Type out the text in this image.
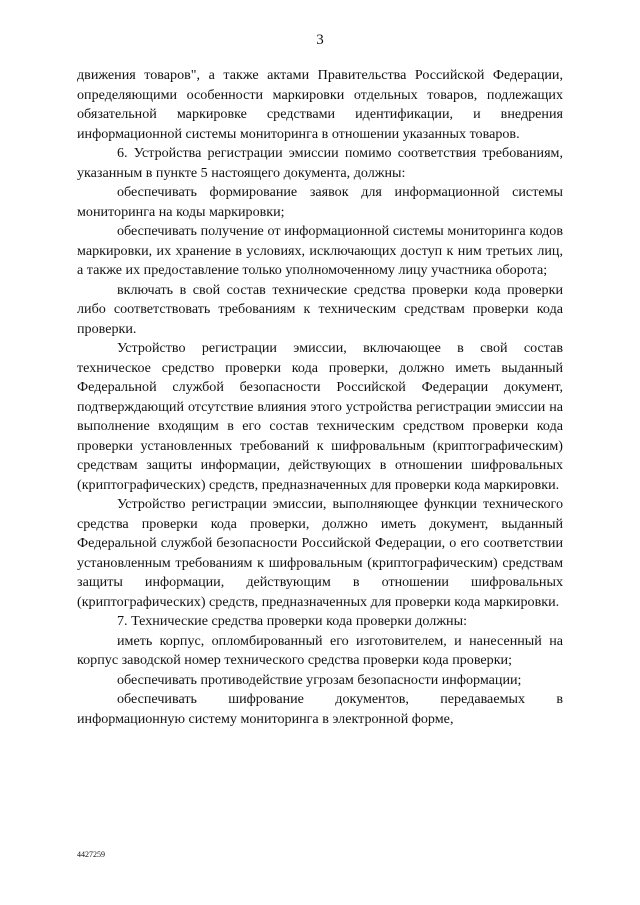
3

движения товаров", а также актами Правительства Российской Федерации, определяющими особенности маркировки отдельных товаров, подлежащих обязательной маркировке средствами идентификации, и внедрения информационной системы мониторинга в отношении указанных товаров.

6. Устройства регистрации эмиссии помимо соответствия требованиям, указанным в пункте 5 настоящего документа, должны:

обеспечивать формирование заявок для информационной системы мониторинга на коды маркировки;

обеспечивать получение от информационной системы мониторинга кодов маркировки, их хранение в условиях, исключающих доступ к ним третьих лиц, а также их предоставление только уполномоченному лицу участника оборота;

включать в свой состав технические средства проверки кода проверки либо соответствовать требованиям к техническим средствам проверки кода проверки.

Устройство регистрации эмиссии, включающее в свой состав техническое средство проверки кода проверки, должно иметь выданный Федеральной службой безопасности Российской Федерации документ, подтверждающий отсутствие влияния этого устройства регистрации эмиссии на выполнение входящим в его состав техническим средством проверки кода проверки установленных требований к шифровальным (криптографическим) средствам защиты информации, действующих в отношении шифровальных (криптографических) средств, предназначенных для проверки кода маркировки.

Устройство регистрации эмиссии, выполняющее функции технического средства проверки кода проверки, должно иметь документ, выданный Федеральной службой безопасности Российской Федерации, о его соответствии установленным требованиям к шифровальным (криптографическим) средствам защиты информации, действующим в отношении шифровальных (криптографических) средств, предназначенных для проверки кода маркировки.

7. Технические средства проверки кода проверки должны:

иметь корпус, опломбированный его изготовителем, и нанесенный на корпус заводской номер технического средства проверки кода проверки;

обеспечивать противодействие угрозам безопасности информации;

обеспечивать шифрование документов, передаваемых в информационную систему мониторинга в электронной форме,

4427259
